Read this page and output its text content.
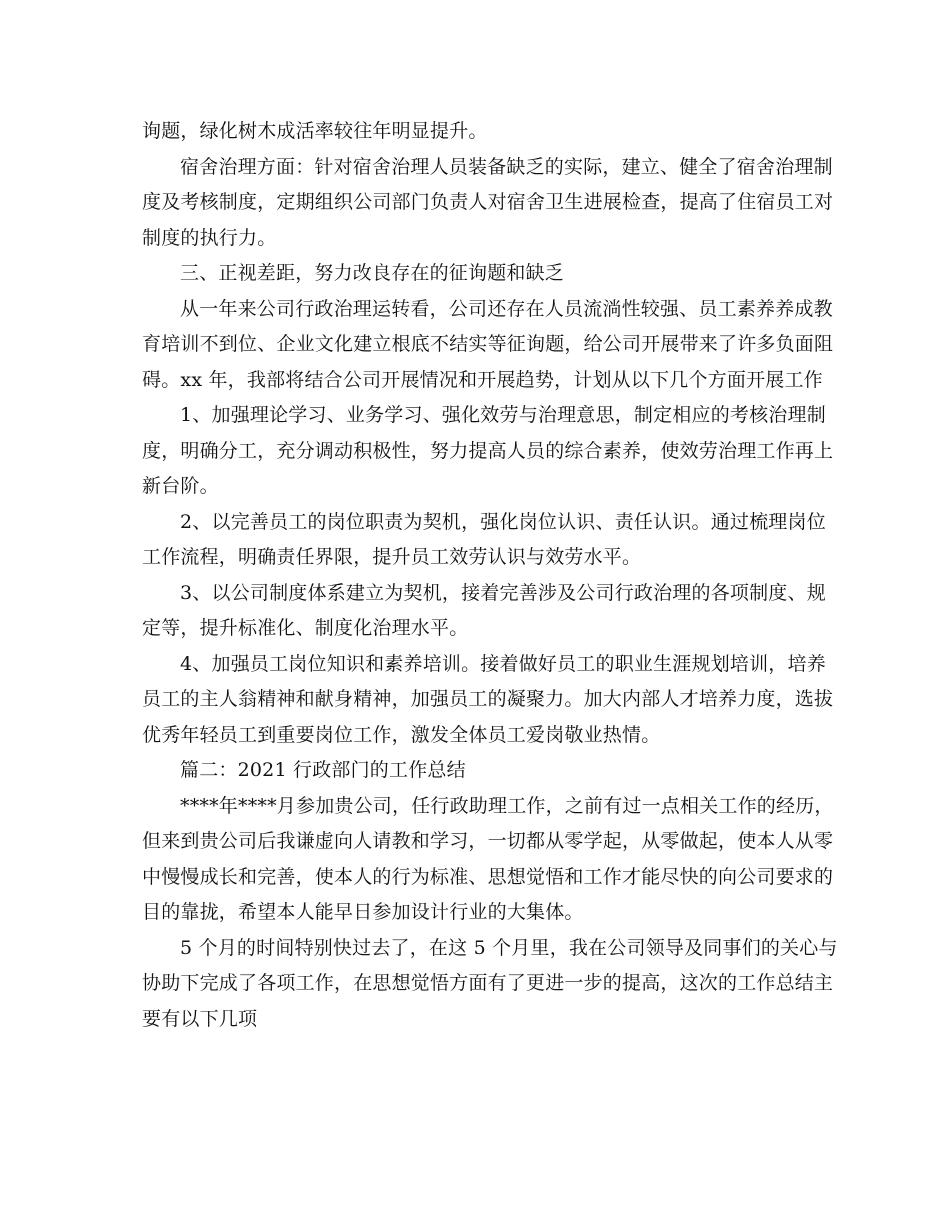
询题，绿化树木成活率较往年明显提升。
宿舍治理方面：针对宿舍治理人员装备缺乏的实际，建立、健全了宿舍治理制
度及考核制度，定期组织公司部门负责人对宿舍卫生进展检查，提高了住宿员工对
制度的执行力。
三、正视差距，努力改良存在的征询题和缺乏
从一年来公司行政治理运转看，公司还存在人员流淌性较强、员工素养养成教
育培训不到位、企业文化建立根底不结实等征询题，给公司开展带来了许多负面阻
碍。xx 年，我部将结合公司开展情况和开展趋势，计划从以下几个方面开展工作
1、加强理论学习、业务学习、强化效劳与治理意思，制定相应的考核治理制
度，明确分工，充分调动积极性，努力提高人员的综合素养，使效劳治理工作再上
新台阶。
2、以完善员工的岗位职责为契机，强化岗位认识、责任认识。通过梳理岗位
工作流程，明确责任界限，提升员工效劳认识与效劳水平。
3、以公司制度体系建立为契机，接着完善涉及公司行政治理的各项制度、规
定等，提升标准化、制度化治理水平。
4、加强员工岗位知识和素养培训。接着做好员工的职业生涯规划培训，培养
员工的主人翁精神和献身精神，加强员工的凝聚力。加大内部人才培养力度，选拔
优秀年轻员工到重要岗位工作，激发全体员工爱岗敬业热情。
篇二：2021 行政部门的工作总结
****年****月参加贵公司，任行政助理工作，之前有过一点相关工作的经历，
但来到贵公司后我谦虚向人请教和学习，一切都从零学起，从零做起，使本人从零
中慢慢成长和完善，使本人的行为标准、思想觉悟和工作才能尽快的向公司要求的
目的靠拢，希望本人能早日参加设计行业的大集体。
5 个月的时间特别快过去了，在这 5 个月里，我在公司领导及同事们的关心与
协助下完成了各项工作，在思想觉悟方面有了更进一步的提高，这次的工作总结主
要有以下几项
